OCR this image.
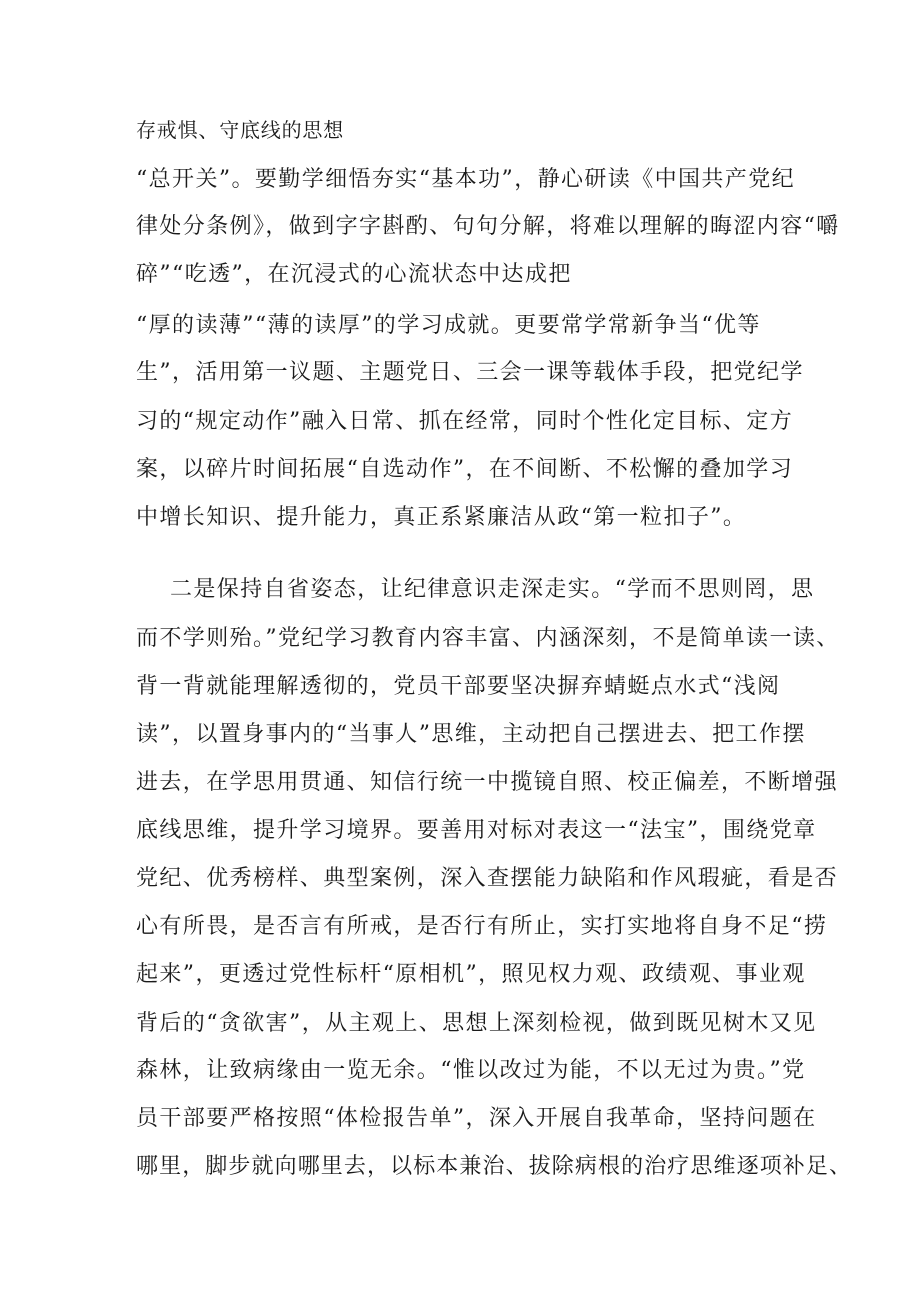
存戒惧、守底线的思想
“总开关”。要勤学细悟夯实“基本功”，静心研读《中国共产党纪
律处分条例》，做到字字斟酌、句句分解，将难以理解的晦涩内容“嚼
碎”“吃透”，在沉浸式的心流状态中达成把
“厚的读薄”“薄的读厚”的学习成就。更要常学常新争当“优等
生”，活用第一议题、主题党日、三会一课等载体手段，把党纪学
习的“规定动作”融入日常、抓在经常，同时个性化定目标、定方
案，以碎片时间拓展“自选动作”，在不间断、不松懈的叠加学习
中增长知识、提升能力，真正系紧廉洁从政“第一粒扣子”。
二是保持自省姿态，让纪律意识走深走实。“学而不思则罔，思
而不学则殆。”党纪学习教育内容丰富、内涵深刻，不是简单读一读、
背一背就能理解透彻的，党员干部要坚决摒弃蜻蜓点水式“浅阅
读”，以置身事内的“当事人”思维，主动把自己摆进去、把工作摆
进去，在学思用贯通、知信行统一中揽镜自照、校正偏差，不断增强
底线思维，提升学习境界。要善用对标对表这一“法宝”，围绕党章
党纪、优秀榜样、典型案例，深入查摆能力缺陷和作风瑕疵，看是否
心有所畏，是否言有所戒，是否行有所止，实打实地将自身不足“捞
起来”，更透过党性标杆“原相机”，照见权力观、政绩观、事业观
背后的“贪欲害”，从主观上、思想上深刻检视，做到既见树木又见
森林，让致病缘由一览无余。“惟以改过为能，不以无过为贵。”党
员干部要严格按照“体检报告单”，深入开展自我革命，坚持问题在
哪里，脚步就向哪里去，以标本兼治、拔除病根的治疗思维逐项补足、
